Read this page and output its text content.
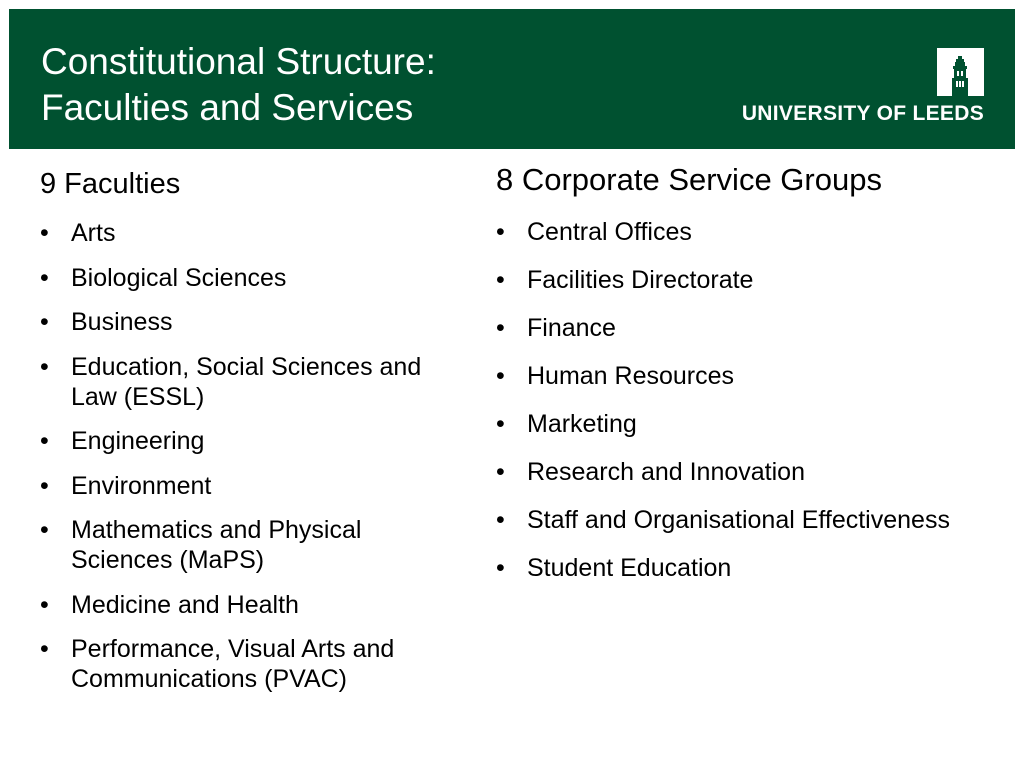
Constitutional Structure:
Faculties and Services	UNIVERSITY OF LEEDS
9 Faculties
• Arts
• Biological Sciences
• Business
• Education, Social Sciences and Law (ESSL)
• Engineering
• Environment
• Mathematics and Physical Sciences (MaPS)
• Medicine and Health
• Performance, Visual Arts and Communications (PVAC)
8 Corporate Service Groups
• Central Offices
• Facilities Directorate
• Finance
• Human Resources
• Marketing
• Research and Innovation
• Staff and Organisational Effectiveness
• Student Education
